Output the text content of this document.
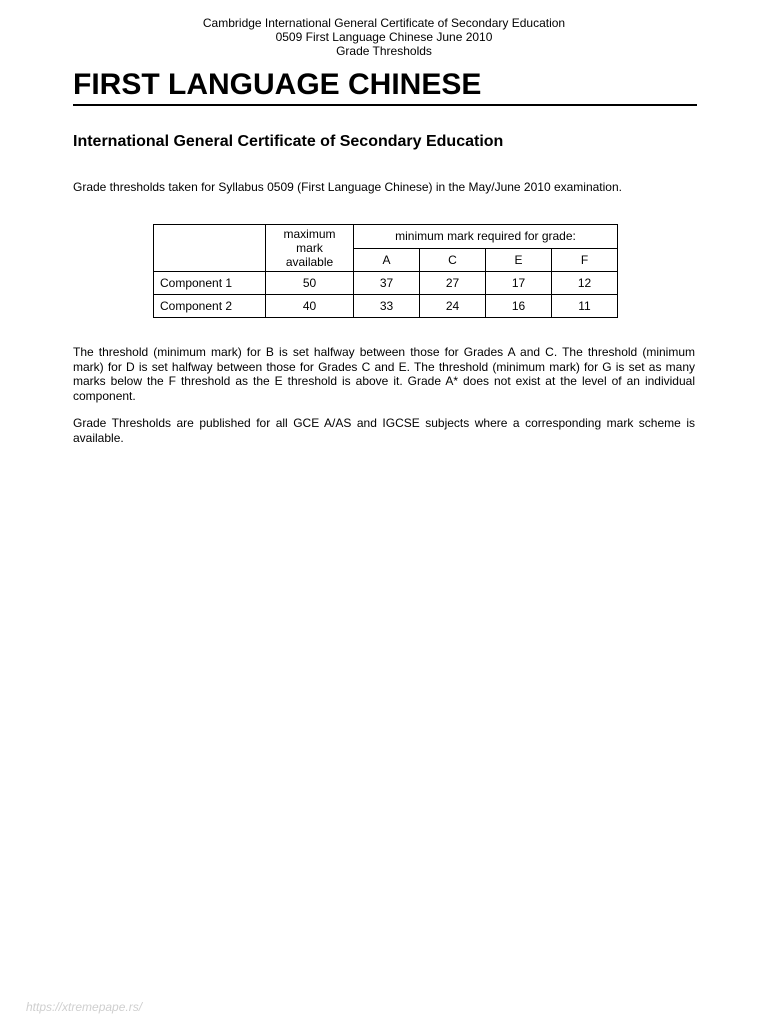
Cambridge International General Certificate of Secondary Education
0509 First Language Chinese June 2010
Grade Thresholds
FIRST LANGUAGE CHINESE
International General Certificate of Secondary Education
Grade thresholds taken for Syllabus 0509 (First Language Chinese) in the May/June 2010 examination.

	maximum
mark
available	minimum mark required for grade:			
		A	C	E	F
Component 1	50	37	27	17	12
Component 2	40	33	24	16	11
The threshold (minimum mark) for B is set halfway between those for Grades A and C. The threshold (minimum mark) for D is set halfway between those for Grades C and E. The threshold (minimum mark) for G is set as many marks below the F threshold as the E threshold is above it. Grade A* does not exist at the level of an individual component.
Grade Thresholds are published for all GCE A/AS and IGCSE subjects where a corresponding mark scheme is available.
https://xtremepape.rs/
